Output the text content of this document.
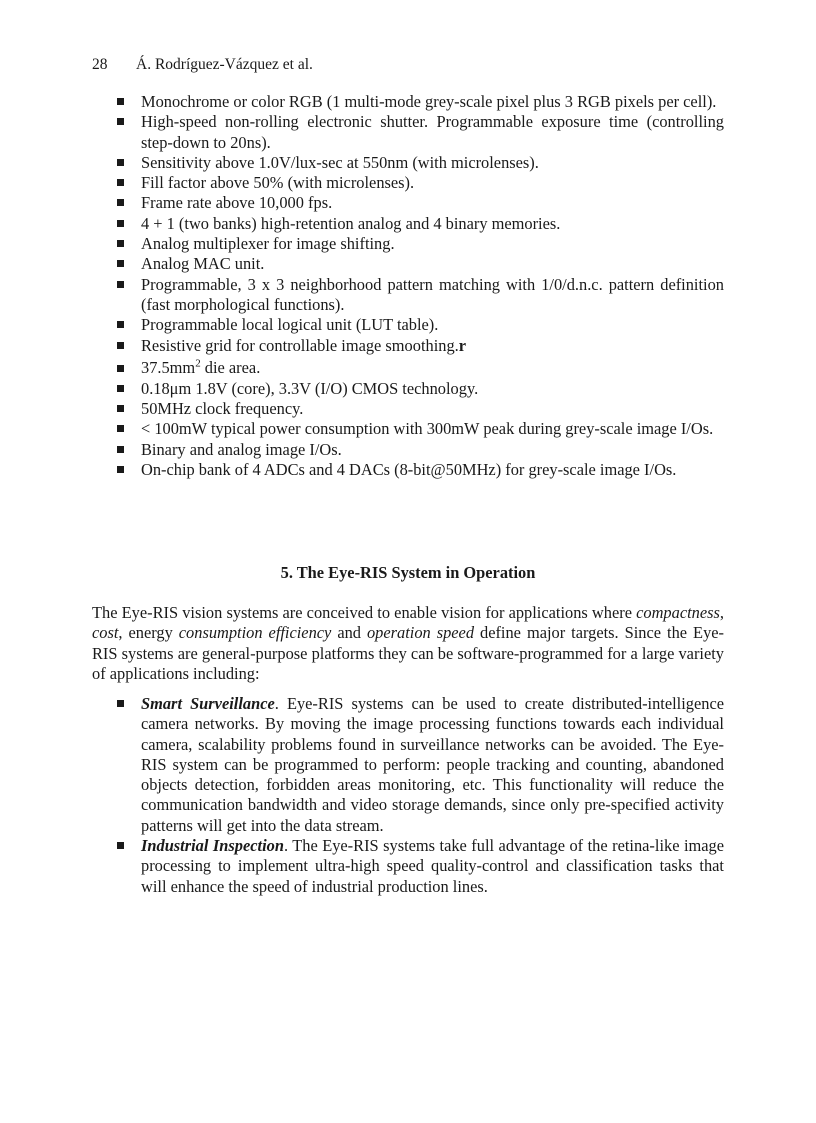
28 Á. Rodríguez-Vázquez et al.
Monochrome or color RGB (1 multi-mode grey-scale pixel plus 3 RGB pixels per cell).
High-speed non-rolling electronic shutter. Programmable exposure time (controlling step-down to 20ns).
Sensitivity above 1.0V/lux-sec at 550nm (with microlenses).
Fill factor above 50% (with microlenses).
Frame rate above 10,000 fps.
4 + 1 (two banks) high-retention analog and 4 binary memories.
Analog multiplexer for image shifting.
Analog MAC unit.
Programmable, 3 x 3 neighborhood pattern matching with 1/0/d.n.c. pattern definition (fast morphological functions).
Programmable local logical unit (LUT table).
Resistive grid for controllable image smoothing.r
$37.5mm^2$ die area.
0.18μm 1.8V (core), 3.3V (I/O) CMOS technology.
50MHz clock frequency.
< 100mW typical power consumption with 300mW peak during grey-scale image I/Os.
Binary and analog image I/Os.
On-chip bank of 4 ADCs and 4 DACs (8-bit@50MHz) for grey-scale image I/Os.
5. The Eye-RIS System in Operation

The Eye-RIS vision systems are conceived to enable vision for applications where compactness, cost, energy consumption efficiency and operation speed define major targets. Since the Eye-RIS systems are general-purpose platforms they can be software-programmed for a large variety of applications including:

Smart Surveillance. Eye-RIS systems can be used to create distributed-intelligence camera networks. By moving the image processing functions towards each individual camera, scalability problems found in surveillance networks can be avoided. The Eye-RIS system can be programmed to perform: people tracking and counting, abandoned objects detection, forbidden areas monitoring, etc. This functionality will reduce the communication bandwidth and video storage demands, since only pre-specified activity patterns will get into the data stream.
Industrial Inspection. The Eye-RIS systems take full advantage of the retina-like image processing to implement ultra-high speed quality-control and classification tasks that will enhance the speed of industrial production lines.
